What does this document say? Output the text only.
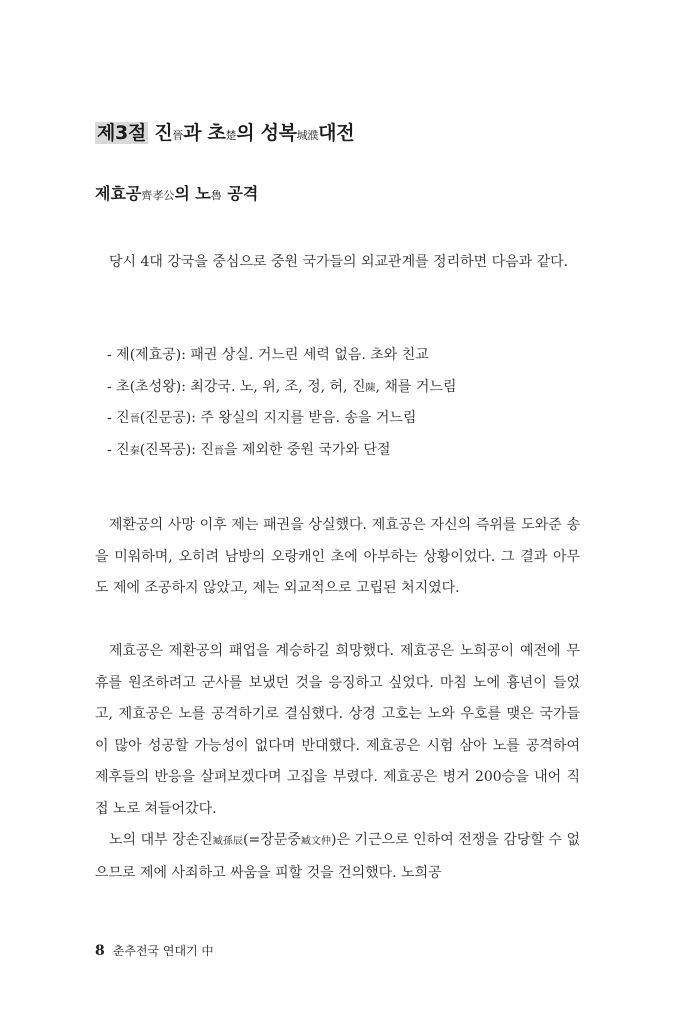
제3절 진晉과 초楚의 성복城濮대전
제효공齊孝公의 노魯 공격

당시 4대 강국을 중심으로 중원 국가들의 외교관계를 정리하면 다음과 같다.

- 제(제효공): 패권 상실. 거느린 세력 없음. 초와 친교
- 초(초성왕): 최강국. 노, 위, 조, 정, 허, 진陳, 채를 거느림
- 진晉(진문공): 주 왕실의 지지를 받음. 송을 거느림
- 진秦(진목공): 진晉을 제외한 중원 국가와 단절

제환공의 사망 이후 제는 패권을 상실했다. 제효공은 자신의 즉위를 도와준 송을 미워하며, 오히려 남방의 오랑캐인 초에 아부하는 상황이었다. 그 결과 아무도 제에 조공하지 않았고, 제는 외교적으로 고립된 처지였다.

제효공은 제환공의 패업을 계승하길 희망했다. 제효공은 노희공이 예전에 무휴를 원조하려고 군사를 보냈던 것을 응징하고 싶었다. 마침 노에 흉년이 들었고, 제효공은 노를 공격하기로 결심했다. 상경 고호는 노와 우호를 맺은 국가들이 많아 성공할 가능성이 없다며 반대했다. 제효공은 시험 삼아 노를 공격하여 제후들의 반응을 살펴보겠다며 고집을 부렸다. 제효공은 병거 200승을 내어 직접 노로 쳐들어갔다.

노의 대부 장손진臧孫辰(=장문중臧文仲)은 기근으로 인하여 전쟁을 감당할 수 없으므로 제에 사죄하고 싸움을 피할 것을 건의했다. 노희공

8 춘추전국 연대기 中
